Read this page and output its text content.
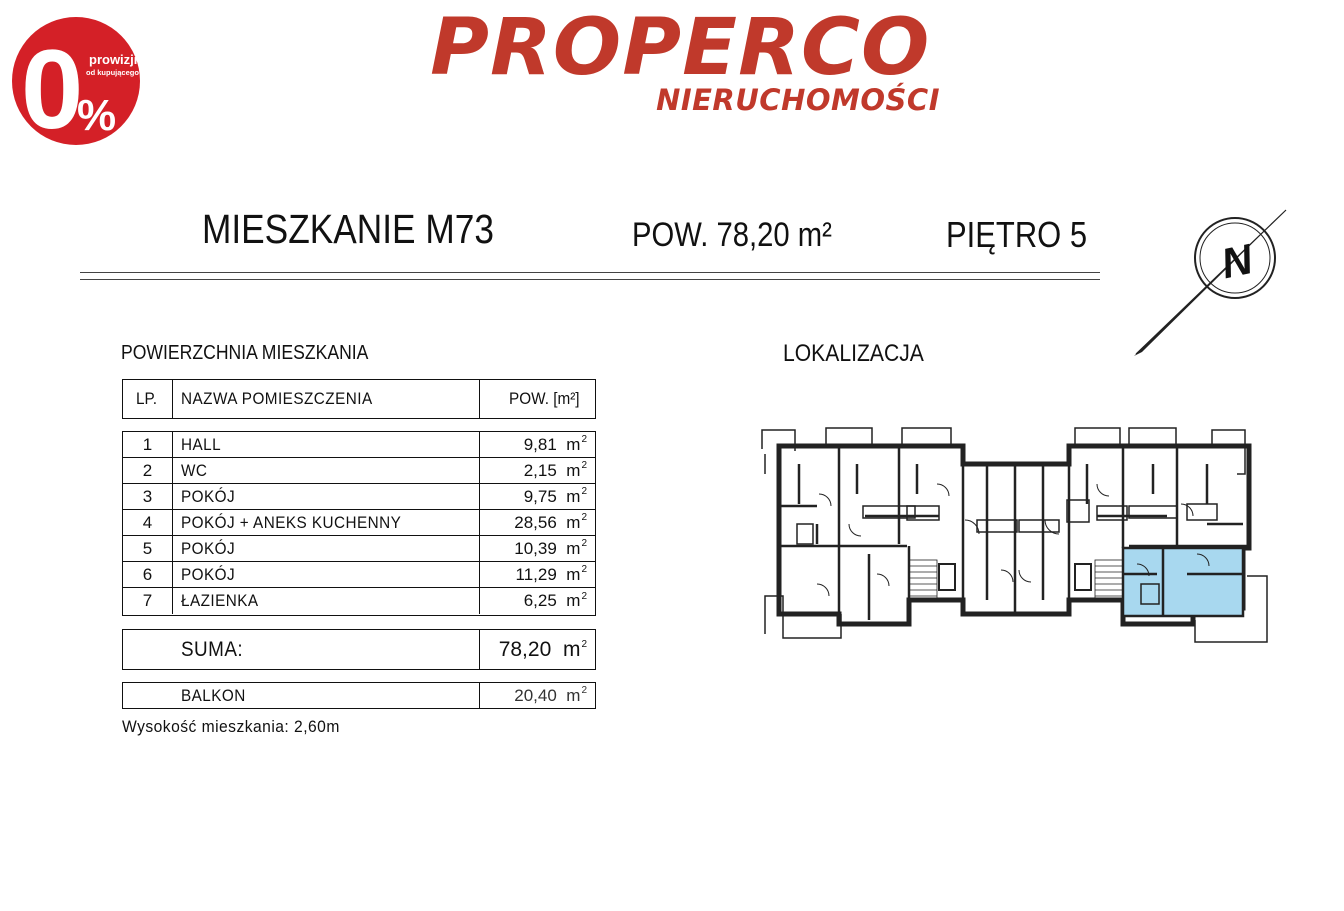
0
%
prowizji
od kupującego	PROPERCO
NIERUCHOMOŚCI
MIESZKANIE M73	POW. 78,20 m²	PIĘTRO 5
N
POWIERZCHNIA MIESZKANIA	LOKALIZACJA
LP. NAZWA POMIESZCZENIA	POW. [m²]
1 HALL	9,81
$m^2$
2 WC	2,15
$m^2$
3 POKÓJ	9,75
$m^2$
4 POKÓJ + ANEKS KUCHENNY	28,56
$m^2$
5 POKÓJ	10,39
$m^2$
6 POKÓJ	11,29
$m^2$
7 ŁAZIENKA	6,25
$m^2$
SUMA:	78,20
$m^2$
BALKON	20,40
$m^2$
Wysokość mieszkania: 2,60m
